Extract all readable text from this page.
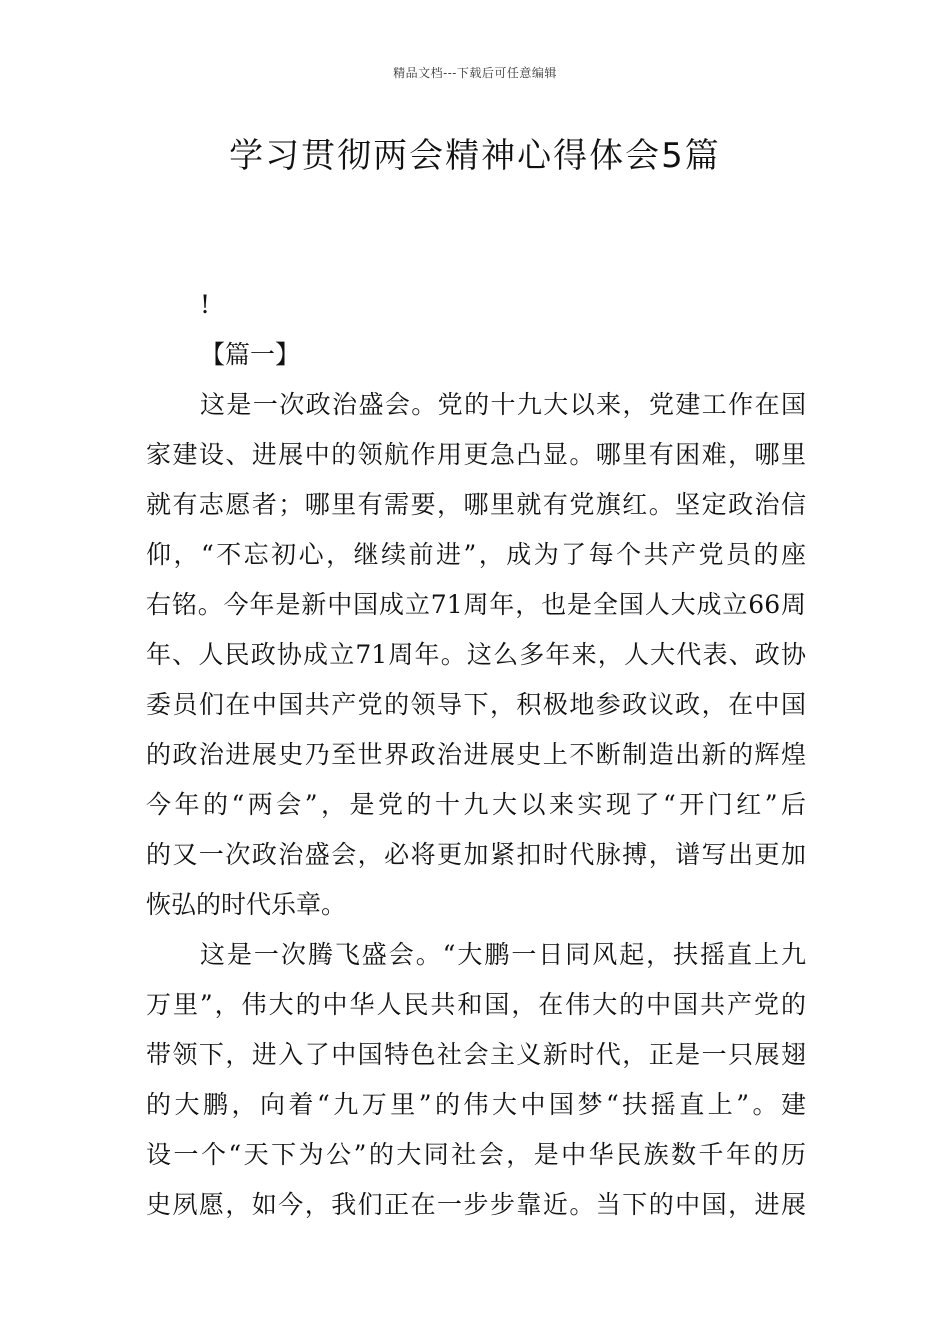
精品文档---下载后可任意编辑
学习贯彻两会精神心得体会5篇
!
【篇一】
这是一次政治盛会。党的十九大以来，党建工作在国
家建设、进展中的领航作用更急凸显。哪里有困难，哪里
就有志愿者；哪里有需要，哪里就有党旗红。坚定政治信
仰，“不忘初心，继续前进”，成为了每个共产党员的座
右铭。今年是新中国成立71周年，也是全国人大成立66周
年、人民政协成立71周年。这么多年来，人大代表、政协
委员们在中国共产党的领导下，积极地参政议政，在中国
的政治进展史乃至世界政治进展史上不断制造出新的辉煌
今年的“两会”，是党的十九大以来实现了“开门红”后
的又一次政治盛会，必将更加紧扣时代脉搏，谱写出更加
恢弘的时代乐章。
这是一次腾飞盛会。“大鹏一日同风起，扶摇直上九
万里”，伟大的中华人民共和国，在伟大的中国共产党的
带领下，进入了中国特色社会主义新时代，正是一只展翅
的大鹏，向着“九万里”的伟大中国梦“扶摇直上”。建
设一个“天下为公”的大同社会，是中华民族数千年的历
史夙愿，如今，我们正在一步步靠近。当下的中国，进展
